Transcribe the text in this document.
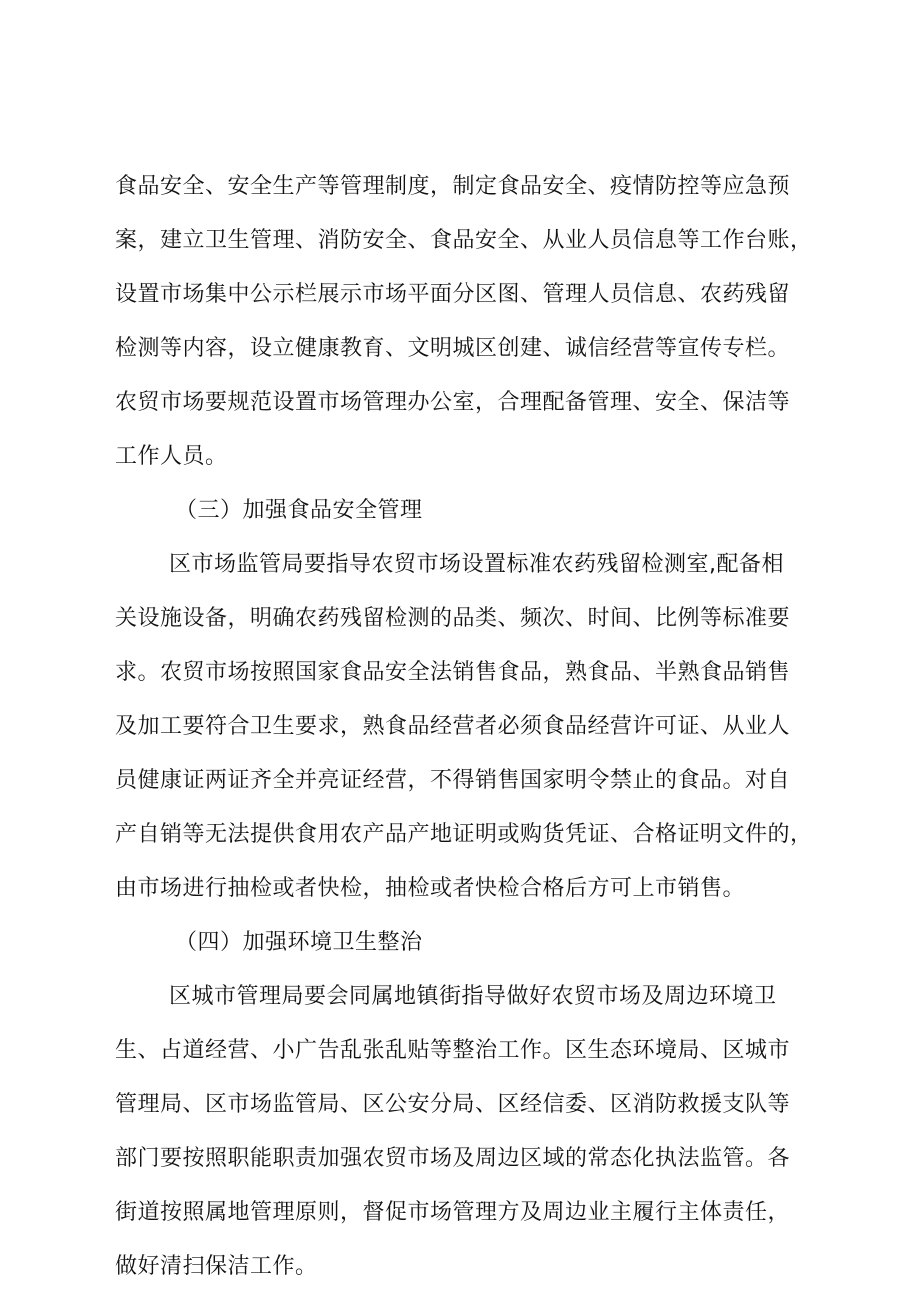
食品安全、安全生产等管理制度，制定食品安全、疫情防控等应急预
案，建立卫生管理、消防安全、食品安全、从业人员信息等工作台账，
设置市场集中公示栏展示市场平面分区图、管理人员信息、农药残留
检测等内容，设立健康教育、文明城区创建、诚信经营等宣传专栏。
农贸市场要规范设置市场管理办公室，合理配备管理、安全、保洁等
工作人员。
（三）加强食品安全管理
区市场监管局要指导农贸市场设置标准农药残留检测室,配备相
关设施设备，明确农药残留检测的品类、频次、时间、比例等标准要
求。农贸市场按照国家食品安全法销售食品，熟食品、半熟食品销售
及加工要符合卫生要求，熟食品经营者必须食品经营许可证、从业人
员健康证两证齐全并亮证经营，不得销售国家明令禁止的食品。对自
产自销等无法提供食用农产品产地证明或购货凭证、合格证明文件的，
由市场进行抽检或者快检，抽检或者快检合格后方可上市销售。
（四）加强环境卫生整治
区城市管理局要会同属地镇街指导做好农贸市场及周边环境卫
生、占道经营、小广告乱张乱贴等整治工作。区生态环境局、区城市
管理局、区市场监管局、区公安分局、区经信委、区消防救援支队等
部门要按照职能职责加强农贸市场及周边区域的常态化执法监管。各
街道按照属地管理原则，督促市场管理方及周边业主履行主体责任，
做好清扫保洁工作。
